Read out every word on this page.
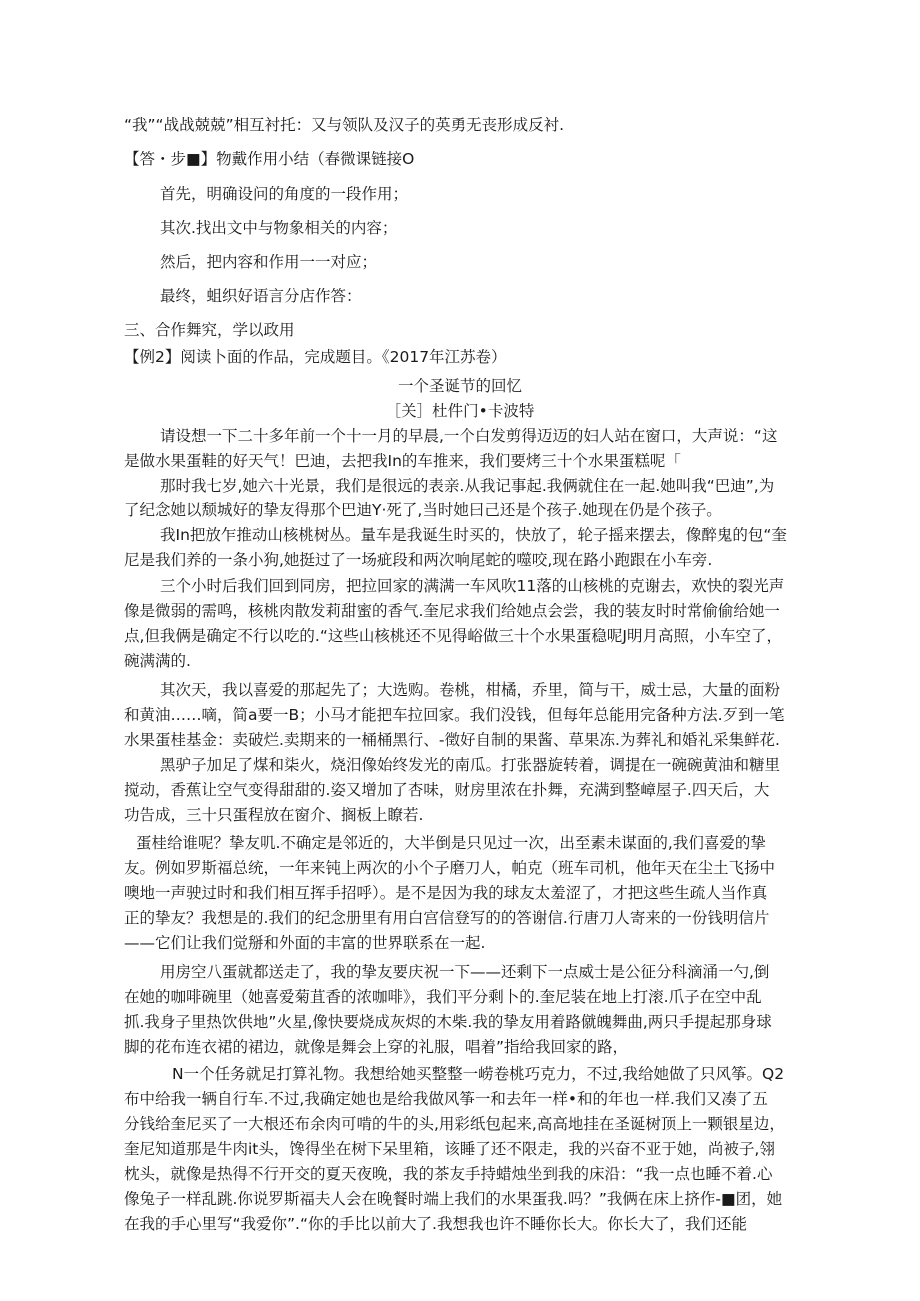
“我”“战战兢兢”相互衬托：又与领队及汉子的英勇无丧形成反衬.
【答・步■】物戴作用小结（春微课链接O
首先，明确设问的角度的一段作用；
其次.找出文中与物象相关的内容；
然后，把内容和作用一一对应；
最终，蛆织好语言分店作答：
三、合作舞究，学以政用
【例2】阅读卜面的作品，完成题目。《2017年江苏卷）
一个圣诞节的回忆
［关］杜件门•卡波特
请设想一下二十多年前一个十一月的早晨,一个白发剪得迈迈的妇人站在窗口，大声说：“这
是做水果蛋鞋的好天气！巴迪，去把我In的车推来，我们要烤三十个水果蛋糕呢「
那时我七岁,她六十光景，我们是很远的表亲.从我记事起.我俩就住在一起.她叫我“巴迪”,为
了纪念她以颓城好的挚友得那个巴迪Y·死了,当时她曰己还是个孩子.她现在仍是个孩子。
我In把放乍推动山核桃树丛。量车是我诞生时买的，快放了，轮子摇来摆去，像醉鬼的包“奎
尼是我们养的一条小狗,她挺过了一场疵段和两次响尾蛇的噬咬,现在路小跑跟在小车旁.
三个小时后我们回到同房，把拉回家的满满一车风吹11落的山核桃的克谢去，欢快的裂光声
像是微弱的需鸣，核桃肉散发莉甜蜜的香气.奎尼求我们给她点会尝，我的装友时时常偷偷给她一
点,但我俩是确定不行以吃的.“这些山核桃还不见得峪做三十个水果蛋稳呢J明月高照，小车空了，
碗满满的.
其次天，我以喜爱的那起先了；大选购。卷桃，柑橘，乔里，简与干，威士忌，大量的面粉
和黄油……嘀，简a要一B；小马才能把车拉回家。我们没钱，但每年总能用完备种方法.歹到一笔
水果蛋桂基金：卖破烂.卖期来的一桶桶黑行、-徵好自制的果酱、草果冻.为葬礼和婚礼采集鲜花.
黑驴子加足了煤和柒火，烧汨像始终发光的南瓜。打张器旋转着，调提在一碗碗黄油和糖里
搅动，香蕉让空气变得甜甜的.姿又增加了杏味，财房里浓在扑舞，充满到整嶂屋子.四天后，大
功告成，三十只蛋程放在窗介、搁板上瞭若.
蛋桂给谁呢？挚友叽.不确定是邻近的，大半倒是只见过一次，出至素未谋面的,我们喜爱的挚
友。例如罗斯福总统，一年来钝上两次的小个子磨刀人，帕克（班车司机，他年天在尘土飞扬中
噢地一声驶过时和我们相互挥手招呼）。是不是因为我的球友太羞涩了，才把这些生疏人当作真
正的挚友？我想是的.我们的纪念册里有用白宫信登写的的答谢信.行唐刀人寄来的一份钱明信片
——它们让我们觉掰和外面的丰富的世界联系在一起.
用房空八蛋就都送走了，我的挚友要庆祝一下——还剩下一点威士是公征分科滴涌一勺,倒
在她的咖啡碗里（她喜爱菊苴香的浓咖啡》，我们平分剩卜的.奎尼装在地上打滚.爪子在空中乱
抓.我身子里热饮供地”火星,像快要烧成灰烬的木柴.我的挚友用着路僦魄舞曲,两只手提起那身球
脚的花布连衣裙的裙边，就像是舞会上穿的礼服，唱着”指给我回家的路，
N一个任务就足打算礼物。我想给她买整整一崂卷桃巧克力，不过,我给她做了只风筝。Q2
布中给我一辆自行车.不过,我确定她也是给我做风筝一和去年一样•和的年也一样.我们又凑了五
分钱给奎尼买了一大根还布余肉可啃的牛的头,用彩纸包起来,高高地挂在圣诞树顶上一颗银星边，
奎尼知道那是牛肉it头，馋得坐在树下呆里箱，该睡了还不限走，我的兴奋不亚于她，尚被子,翎
枕头，就像是热得不行开交的夏天夜晚，我的茶友手持蜡烛坐到我的床沿：“我一点也睡不着.心
像兔子一样乱跳.你说罗斯福夫人会在晚餐时端上我们的水果蛋我.吗？”我俩在床上挤作-■团，她
在我的手心里写“我爱你”.“你的手比以前大了.我想我也许不睡你长大。你长大了，我们还能
